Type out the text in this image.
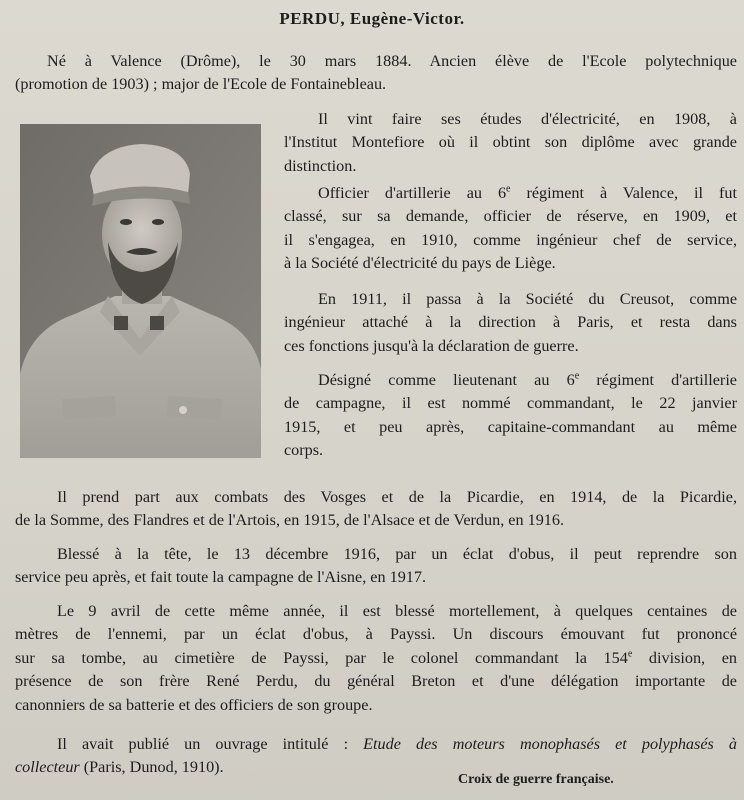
PERDU, Eugène-Victor.

Né à Valence (Drôme), le 30 mars 1884. Ancien élève de l'Ecole polytechnique
(promotion de 1903) ; major de l'Ecole de Fontainebleau.

Il vint faire ses études d'électricité, en 1908, à
l'Institut Montefiore où il obtint son diplôme avec grande
distinction.

Officier d'artillerie au 6e régiment à Valence, il fut
classé, sur sa demande, officier de réserve, en 1909, et
il s'engagea, en 1910, comme ingénieur chef de service,
à la Société d'électricité du pays de Liège.

En 1911, il passa à la Société du Creusot, comme
ingénieur attaché à la direction à Paris, et resta dans
ces fonctions jusqu'à la déclaration de guerre.

Désigné comme lieutenant au 6e régiment d'artillerie
de campagne, il est nommé commandant, le 22 janvier
1915, et peu après, capitaine-commandant au même
corps.

Il prend part aux combats des Vosges et de la Picardie, en 1914, de la Picardie,
de la Somme, des Flandres et de l'Artois, en 1915, de l'Alsace et de Verdun, en 1916.

Blessé à la tête, le 13 décembre 1916, par un éclat d'obus, il peut reprendre son
service peu après, et fait toute la campagne de l'Aisne, en 1917.

Le 9 avril de cette même année, il est blessé mortellement, à quelques centaines de
mètres de l'ennemi, par un éclat d'obus, à Payssi. Un discours émouvant fut prononcé
sur sa tombe, au cimetière de Payssi, par le colonel commandant la 154e division, en
présence de son frère René Perdu, du général Breton et d'une délégation importante de
canonniers de sa batterie et des officiers de son groupe.

Il avait publié un ouvrage intitulé : Etude des moteurs monophasés et polyphasés à
collecteur (Paris, Dunod, 1910).

Croix de guerre française.
